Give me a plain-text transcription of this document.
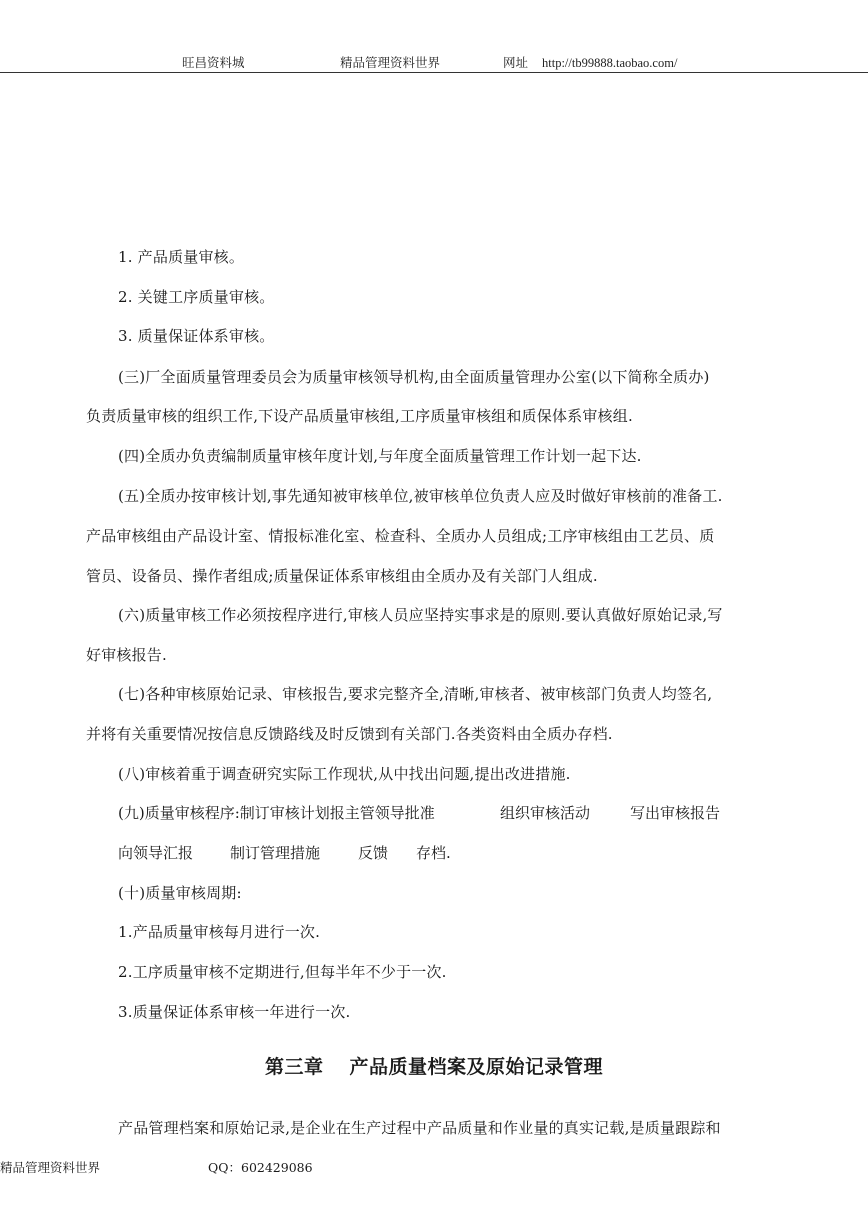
旺昌资料城	精品管理资料世界	网址 http://tb99888.taobao.com/
1. 产品质量审核。
2. 关键工序质量审核。
3. 质量保证体系审核。
(三)厂全面质量管理委员会为质量审核领导机构,由全面质量管理办公室(以下简称全质办)
负责质量审核的组织工作,下设产品质量审核组,工序质量审核组和质保体系审核组.
(四)全质办负责编制质量审核年度计划,与年度全面质量管理工作计划一起下达.
(五)全质办按审核计划,事先通知被审核单位,被审核单位负责人应及时做好审核前的准备工.
产品审核组由产品设计室、情报标准化室、检查科、全质办人员组成;工序审核组由工艺员、质
管员、设备员、操作者组成;质量保证体系审核组由全质办及有关部门人组成.
(六)质量审核工作必须按程序进行,审核人员应坚持实事求是的原则.要认真做好原始记录,写
好审核报告.
(七)各种审核原始记录、审核报告,要求完整齐全,清晰,审核者、被审核部门负责人均签名,
并将有关重要情况按信息反馈路线及时反馈到有关部门.各类资料由全质办存档.
(八)审核着重于调查研究实际工作现状,从中找出问题,提出改进措施.
(九)质量审核程序:制订审核计划报主管领导批准	组织审核活动	写出审核报告
向领导汇报 制订管理措施	反馈 存档.
(十)质量审核周期:
1.产品质量审核每月进行一次.
2.工序质量审核不定期进行,但每半年不少于一次.
3.质量保证体系审核一年进行一次.
第三章 产品质量档案及原始记录管理
产品管理档案和原始记录,是企业在生产过程中产品质量和作业量的真实记载,是质量跟踪和
精品管理资料世界	QQ：602429086
